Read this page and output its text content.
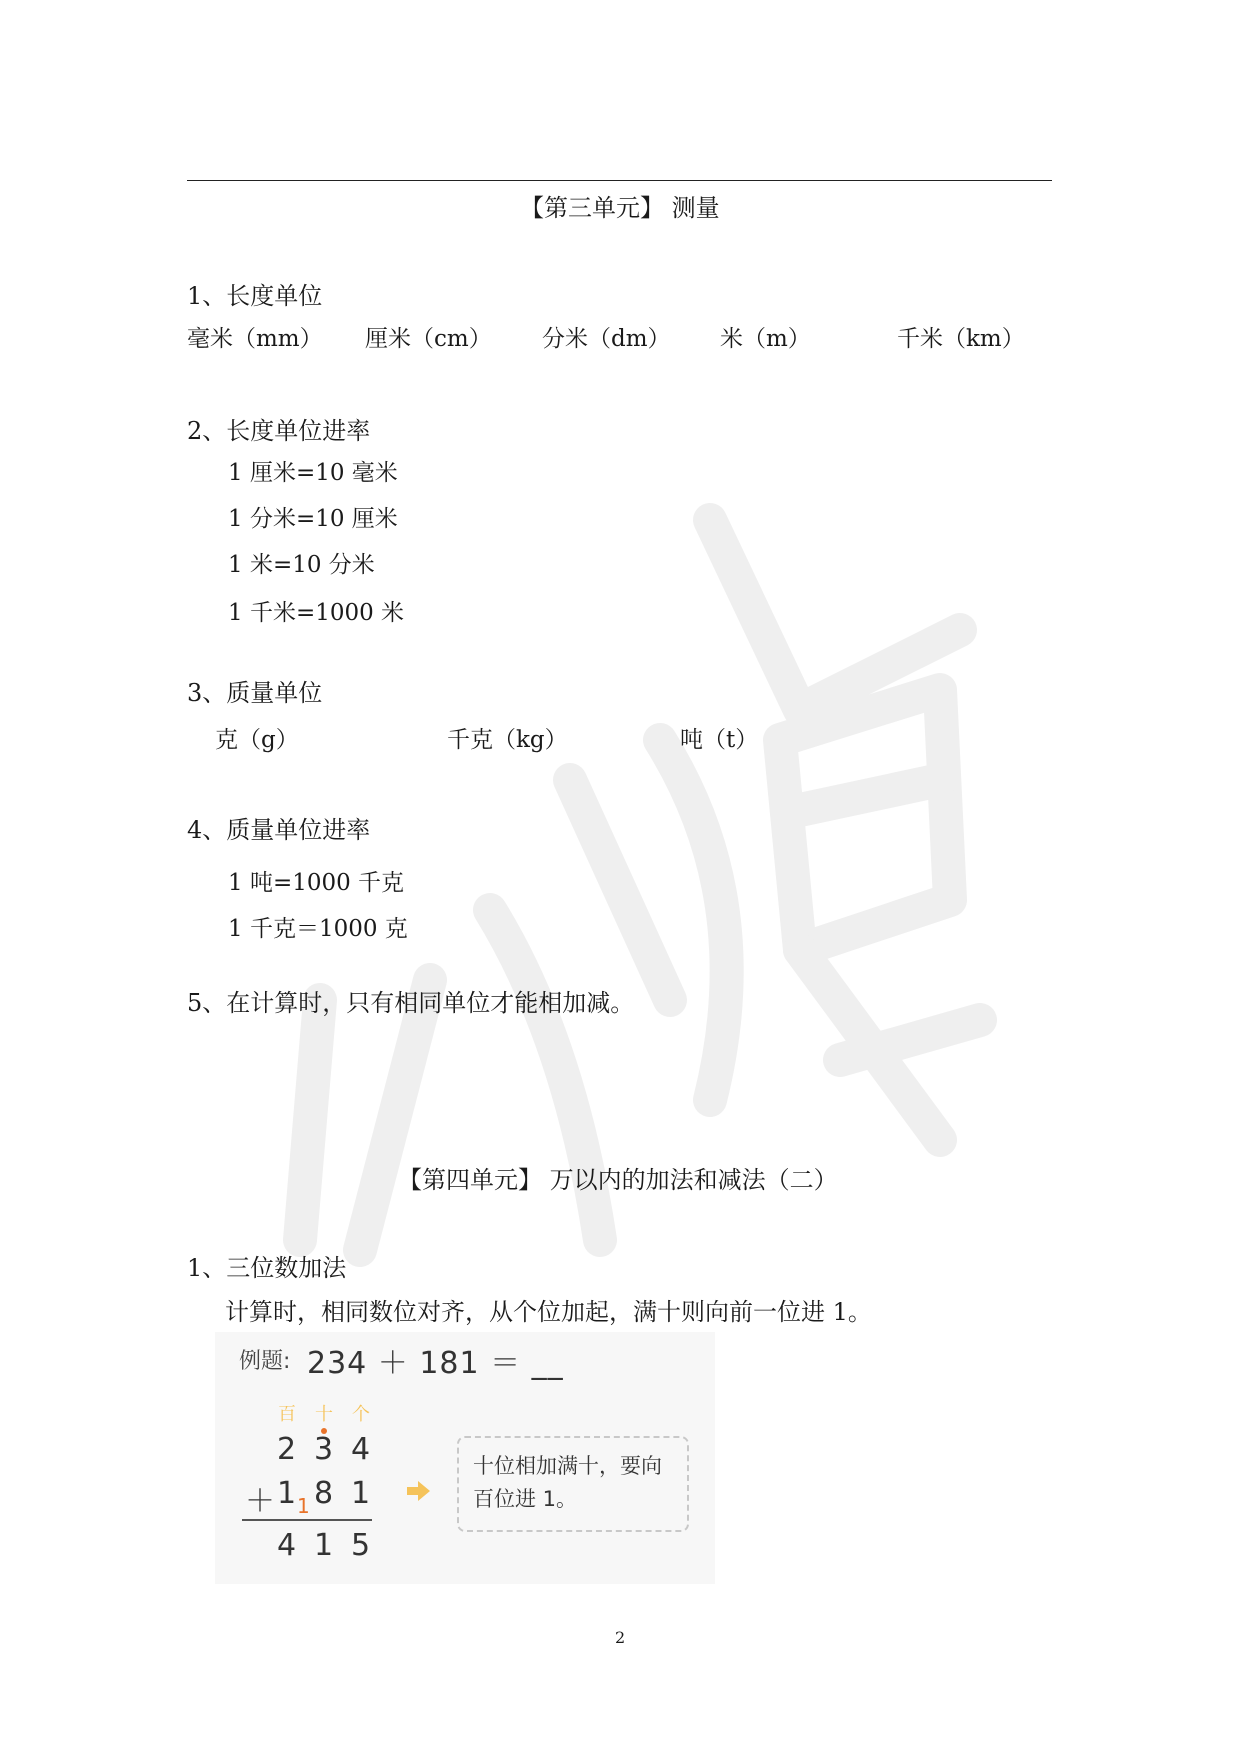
【第三单元】 测量
1、长度单位
毫米（mm） 厘米（cm） 分米（dm） 米（m）	千米（km）
2、长度单位进率
1 厘米=10 毫米
1 分米=10 厘米
1 米=10 分米
1 千米=1000 米
3、质量单位
克（g）	千克（kg）	吨（t）
4、质量单位进率
1 吨=1000 千克
1 千克＝1000 克
5、在计算时，只有相同单位才能相加减。
【第四单元】 万以内的加法和减法（二）
1、三位数加法
计算时，相同数位对齐，从个位加起，满十则向前一位进 1。
例题: 234 ＋ 181 ＝ __
百 十 个
2 3 4
＋ 1 1 8 1
4 1 5
十位相加满十，要向百位进 1。
2
